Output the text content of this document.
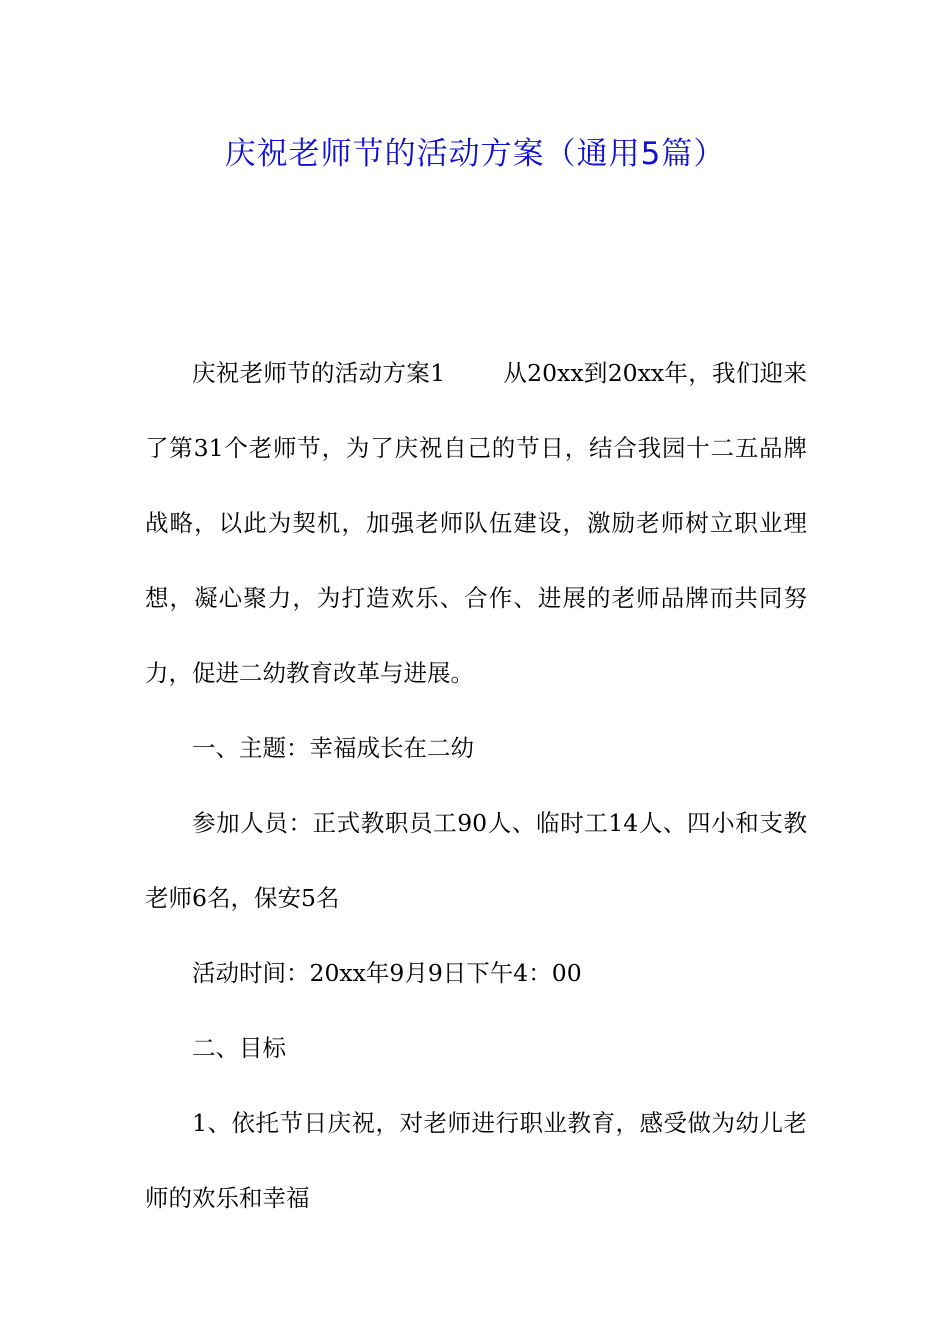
庆祝老师节的活动方案（通用5篇）

庆祝老师节的活动方案1 从20xx到20xx年，我们迎来了第31个老师节，为了庆祝自己的节日，结合我园十二五品牌战略，以此为契机，加强老师队伍建设，激励老师树立职业理想，凝心聚力，为打造欢乐、合作、进展的老师品牌而共同努力，促进二幼教育改革与进展。

一、主题：幸福成长在二幼

参加人员：正式教职员工90人、临时工14人、四小和支教老师6名，保安5名

活动时间：20xx年9月9日下午4：00

二、目标

1、依托节日庆祝，对老师进行职业教育，感受做为幼儿老师的欢乐和幸福
